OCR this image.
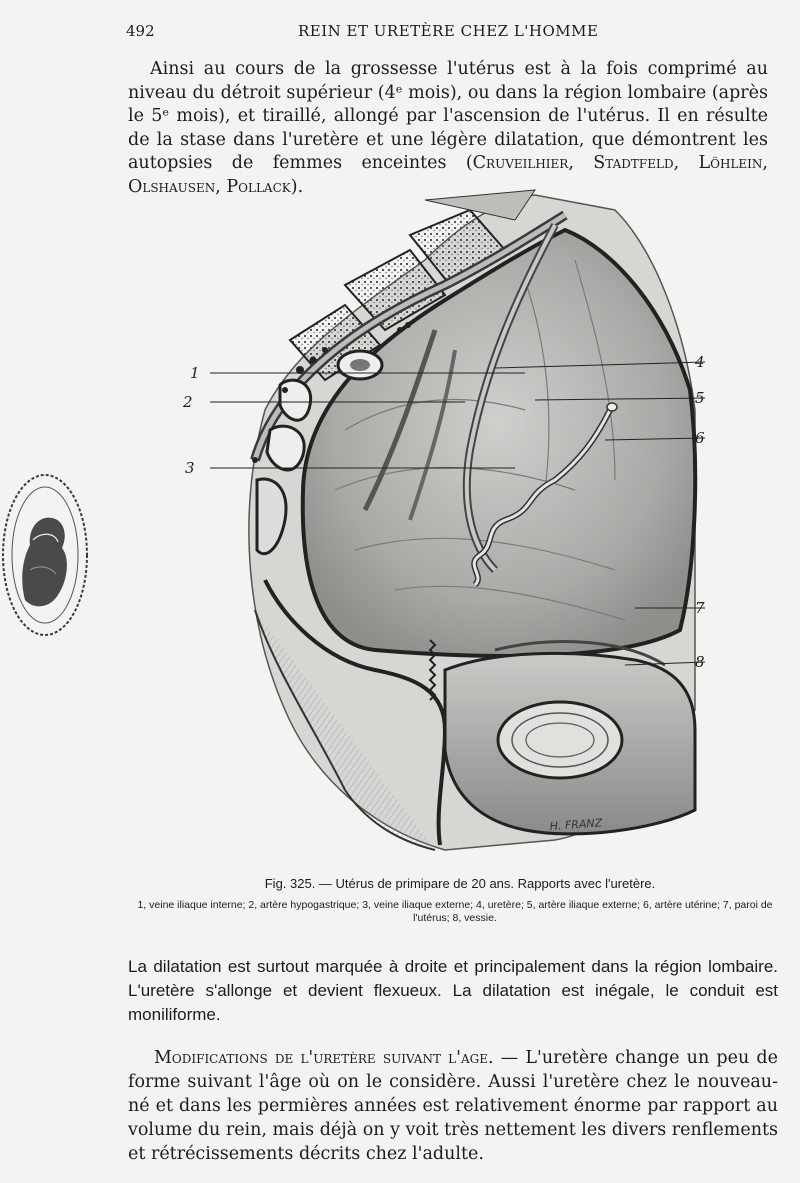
492	REIN ET URETÈRE CHEZ L'HOMME
Ainsi au cours de la grossesse l'utérus est à la fois comprimé au niveau du détroit supérieur (4ᵉ mois), ou dans la région lombaire (après le 5ᵉ mois), et tiraillé, allongé par l'ascension de l'utérus. Il en résulte de la stase dans l'uretère et une légère dilatation, que démontrent les autopsies de femmes enceintes (Cruveilhier, Stadtfeld, Löhlein, Olshausen, Pollack).
1
2
3
4
5
6
7
8
H. FRANZ
Fig. 325. — Utérus de primipare de 20 ans. Rapports avec l'uretère.
1, veine iliaque interne; 2, artère hypogastrique; 3, veine iliaque externe; 4, uretère; 5, artère iliaque externe; 6, artère utérine; 7, paroi de l'utérus; 8, vessie.
La dilatation est surtout marquée à droite et principalement dans la région lombaire. L'uretère s'allonge et devient flexueux. La dilatation est inégale, le conduit est moniliforme.
Modifications de l'uretère suivant l'age. — L'uretère change un peu de forme suivant l'âge où on le considère. Aussi l'uretère chez le nouveau-né et dans les permières années est relativement énorme par rapport au volume du rein, mais déjà on y voit très nettement les divers renflements et rétrécissements décrits chez l'adulte.
